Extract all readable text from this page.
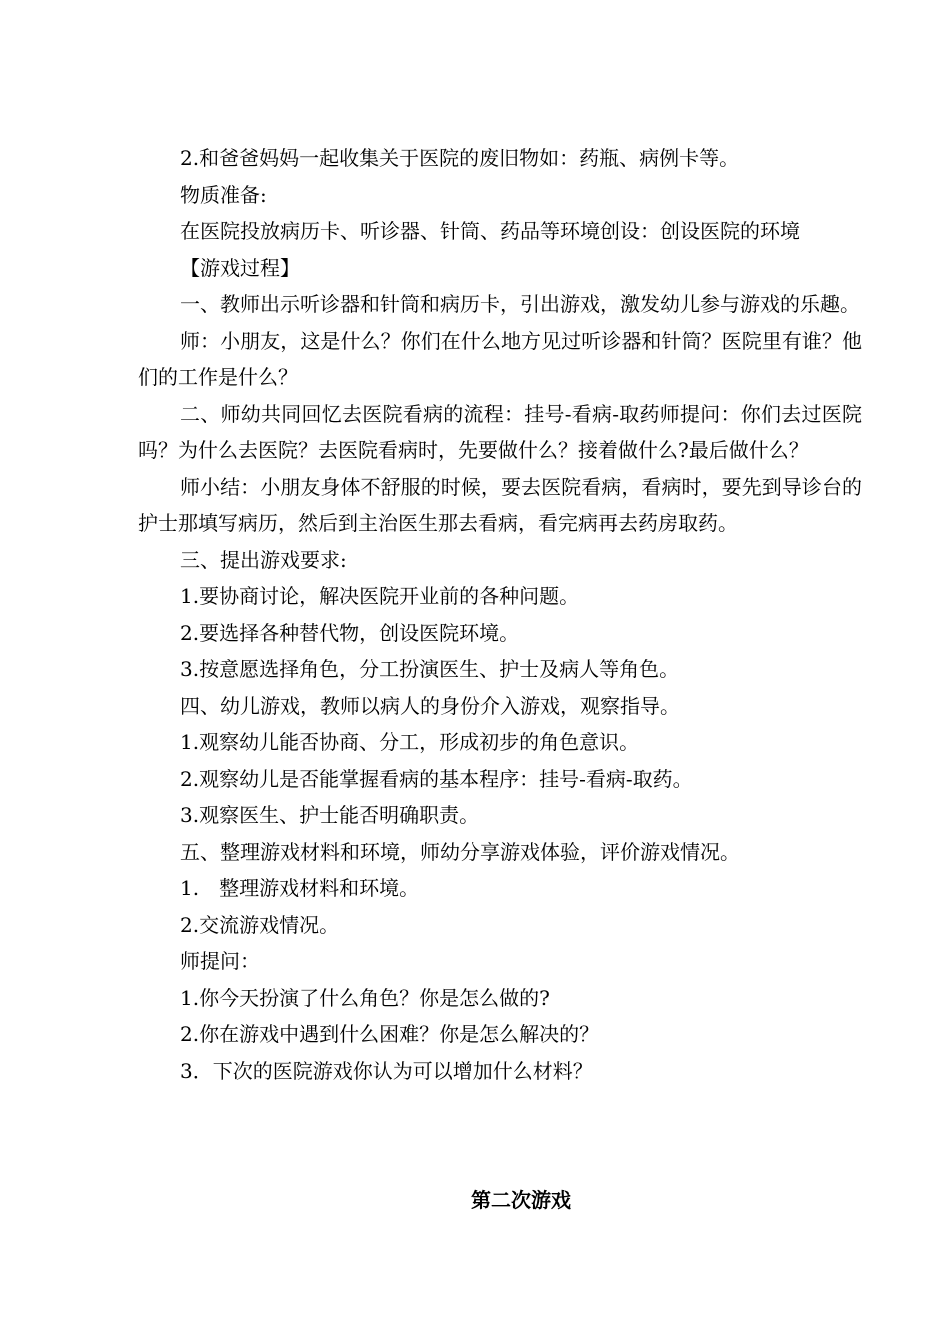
2.和爸爸妈妈一起收集关于医院的废旧物如：药瓶、病例卡等。

物质准备:

在医院投放病历卡、听诊器、针筒、药品等环境创设：创设医院的环境

【游戏过程】

一、教师出示听诊器和针筒和病历卡，引出游戏，激发幼儿参与游戏的乐趣。

师：小朋友，这是什么？你们在什么地方见过听诊器和针筒？医院里有谁？他们的工作是什么？

二、师幼共同回忆去医院看病的流程：挂号-看病-取药师提问：你们去过医院吗？为什么去医院？去医院看病时，先要做什么？接着做什么?最后做什么？

师小结：小朋友身体不舒服的时候，要去医院看病，看病时，要先到导诊台的护士那填写病历，然后到主治医生那去看病，看完病再去药房取药。

三、提出游戏要求:

1.要协商讨论，解决医院开业前的各种问题。

2.要选择各种替代物，创设医院环境。

3.按意愿选择角色，分工扮演医生、护士及病人等角色。

四、幼儿游戏，教师以病人的身份介入游戏，观察指导。

1.观察幼儿能否协商、分工，形成初步的角色意识。

2.观察幼儿是否能掌握看病的基本程序：挂号-看病-取药。

3.观察医生、护士能否明确职责。

五、整理游戏材料和环境，师幼分享游戏体验，评价游戏情况。

1.　整理游戏材料和环境。

2.交流游戏情况。

师提问：

1.你今天扮演了什么角色？你是怎么做的?

2.你在游戏中遇到什么困难？你是怎么解决的？

3．下次的医院游戏你认为可以增加什么材料？

第二次游戏
